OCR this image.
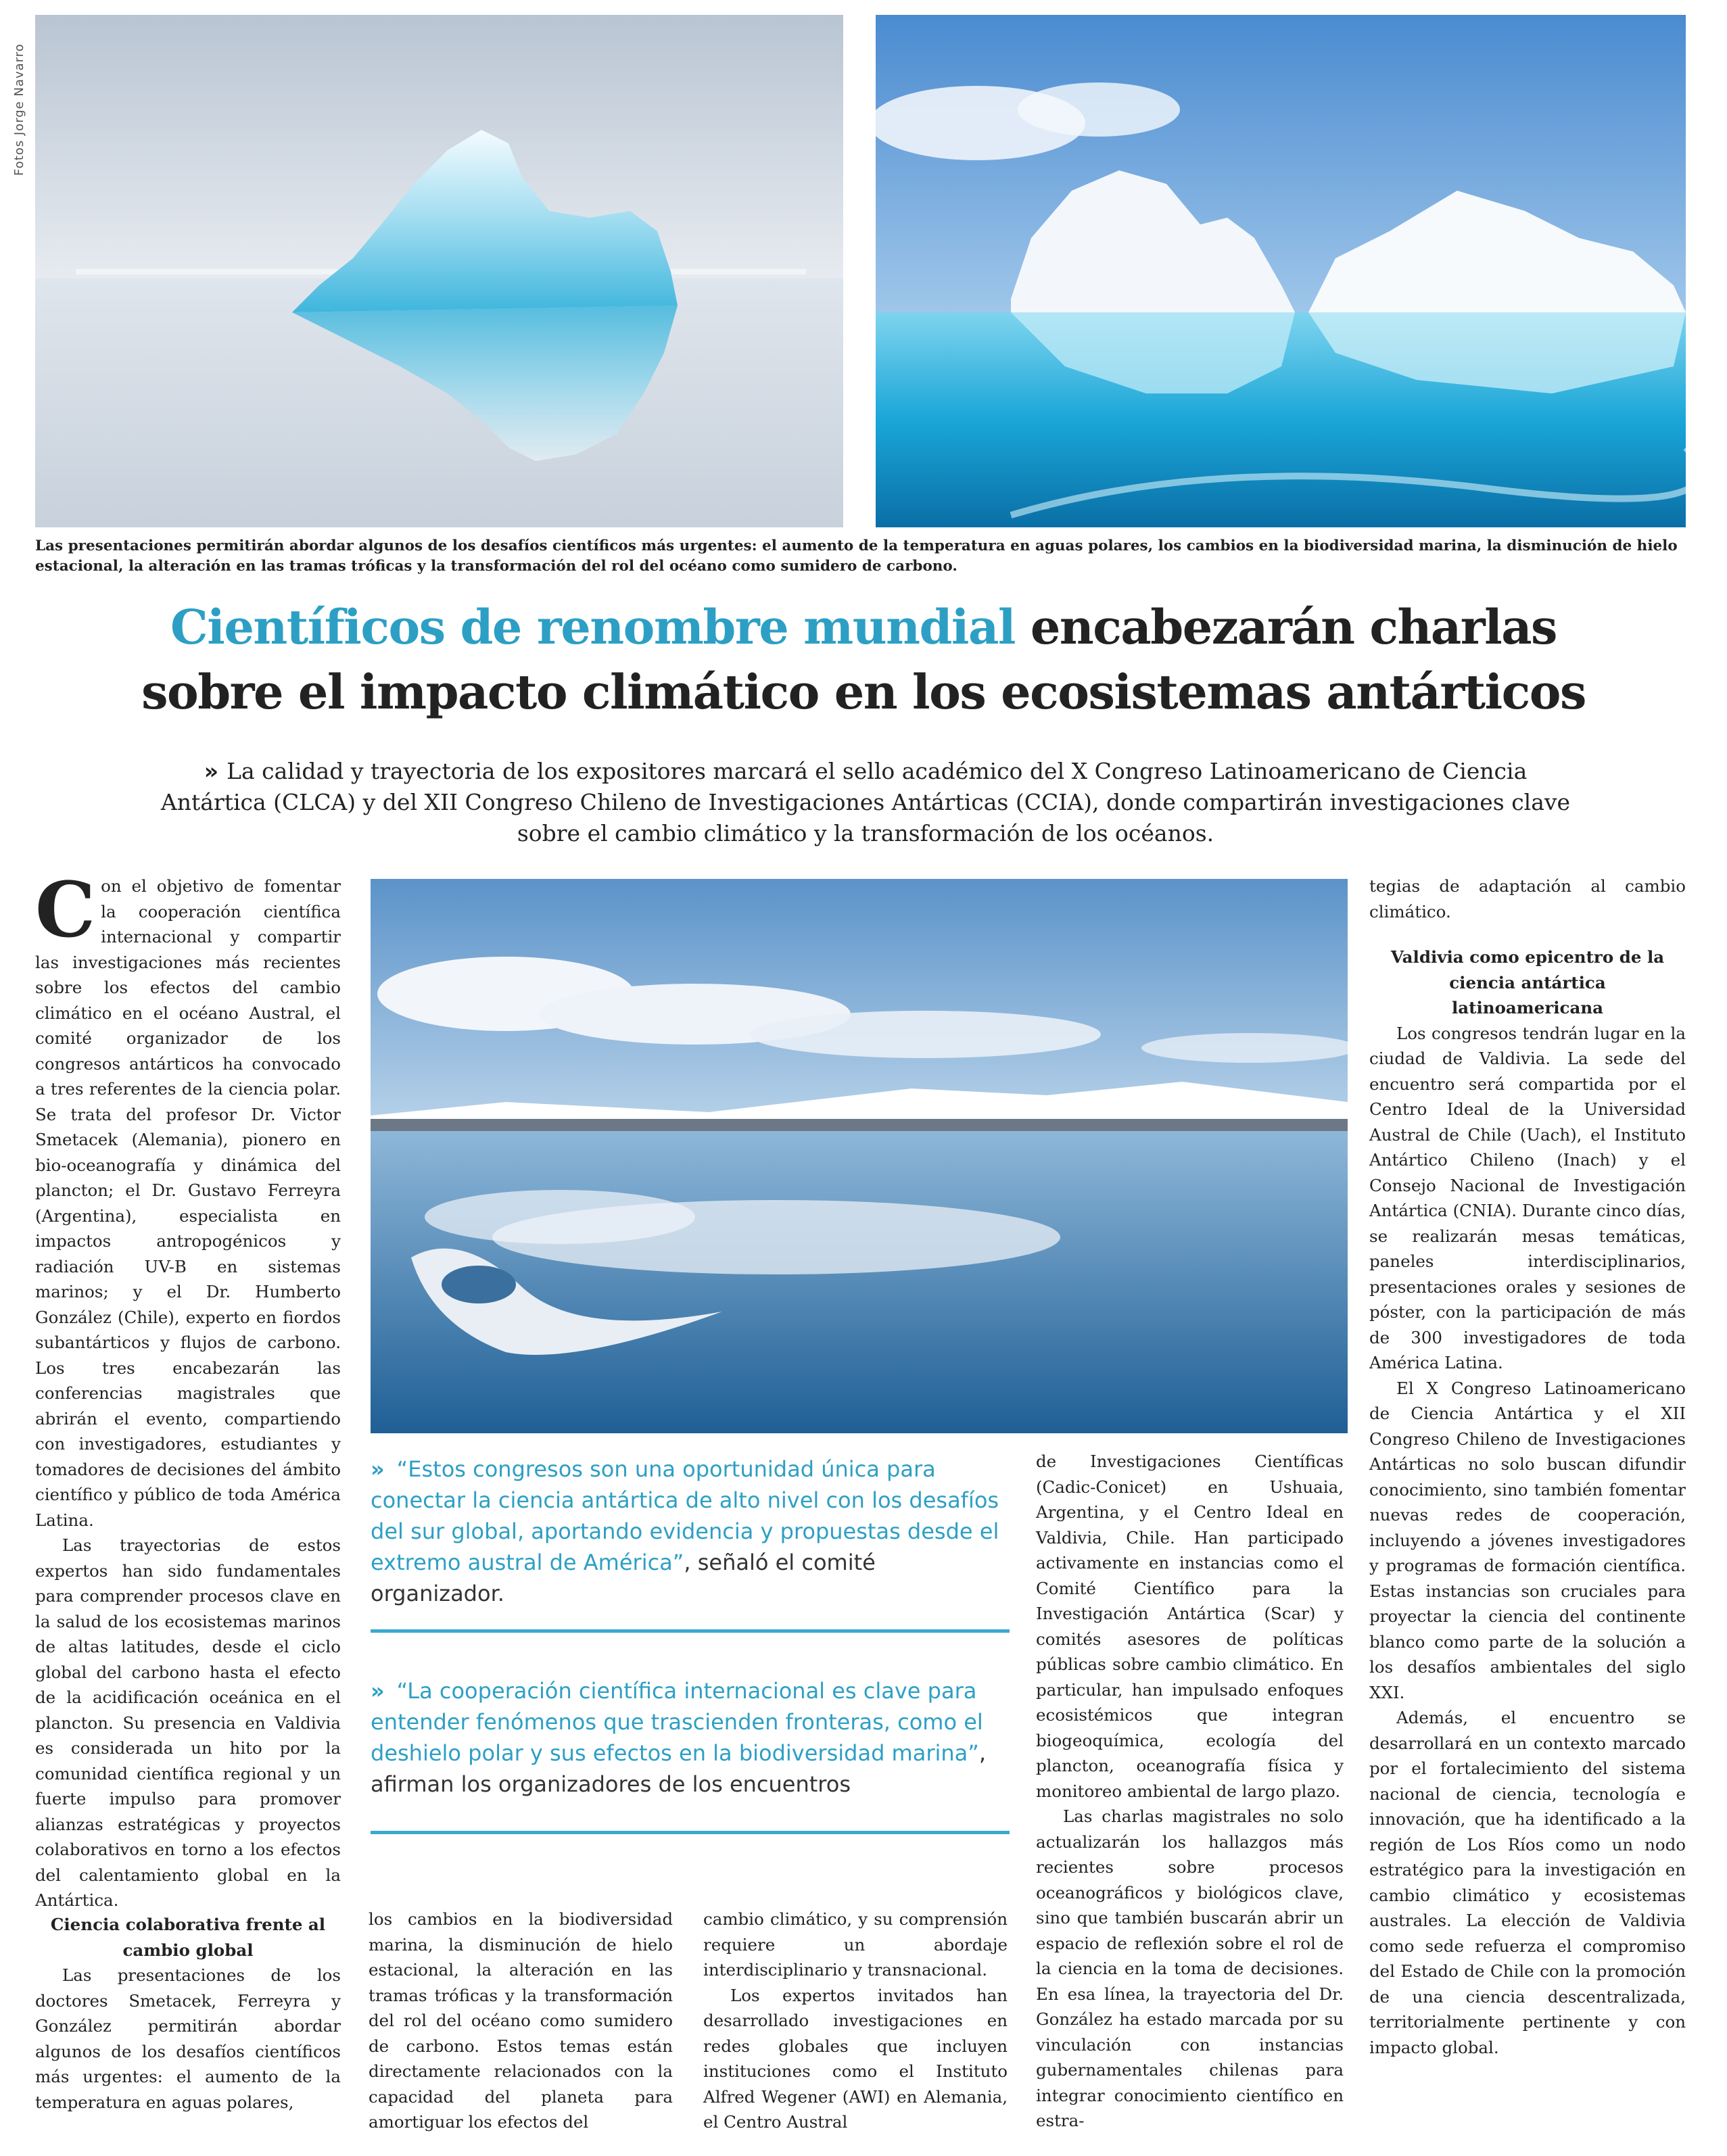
Fotos Jorge Navarro
Las presentaciones permitirán abordar algunos de los desafíos científicos más urgentes: el aumento de la temperatura en aguas polares, los cambios en la biodiversidad marina, la disminución de hielo estacional, la alteración en las tramas tróficas y la transformación del rol del océano como sumidero de carbono.
Científicos de renombre mundial encabezarán charlas
sobre el impacto climático en los ecosistemas antárticos
» La calidad y trayectoria de los expositores marcará el sello académico del X Congreso Latinoamericano de Ciencia Antártica (CLCA) y del XII Congreso Chileno de Investigaciones Antárticas (CCIA), donde compartirán investigaciones clave sobre el cambio climático y la transformación de los océanos.
C on el objetivo de fomentar la cooperación científica internacional y compartir las investigaciones más recientes sobre los efectos del cambio climático en el océano Austral, el comité organizador de los congresos antárticos ha convocado a tres referentes de la ciencia polar. Se trata del profesor Dr. Victor Smetacek (Alemania), pionero en bio-oceanografía y dinámica del plancton; el Dr. Gustavo Ferreyra (Argentina), especialista en impactos antropogénicos y radiación UV-B en sistemas marinos; y el Dr. Humberto González (Chile), experto en fiordos subantárticos y flujos de carbono. Los tres encabezarán las conferencias magistrales que abrirán el evento, compartiendo con investigadores, estudiantes y tomadores de decisiones del ámbito científico y público de toda América Latina.

Las trayectorias de estos expertos han sido fundamentales para comprender procesos clave en la salud de los ecosistemas marinos de altas latitudes, desde el ciclo global del carbono hasta el efecto de la acidificación oceánica en el plancton. Su presencia en Valdivia es considerada un hito por la comunidad científica regional y un fuerte impulso para promover alianzas estratégicas y proyectos colaborativos en torno a los efectos del calentamiento global en la Antártica.

Ciencia colaborativa frente al cambio global

Las presentaciones de los doctores Smetacek, Ferreyra y González permitirán abordar algunos de los desafíos científicos más urgentes: el aumento de la temperatura en aguas polares,

» “Estos congresos son una oportunidad única para conectar la ciencia antártica de alto nivel con los desafíos del sur global, aportando evidencia y propuestas desde el extremo austral de América”, señaló el comité organizador.
» “La cooperación científica internacional es clave para entender fenómenos que trascienden fronteras, como el deshielo polar y sus efectos en la biodiversidad marina”, afirman los organizadores de los encuentros

los cambios en la biodiversidad marina, la disminución de hielo estacional, la alteración en las tramas tróficas y la transformación del rol del océano como sumidero de carbono. Estos temas están directamente relacionados con la capacidad del planeta para amortiguar los efectos del

cambio climático, y su comprensión requiere un abordaje interdisciplinario y transnacional.

Los expertos invitados han desarrollado investigaciones en redes globales que incluyen instituciones como el Instituto Alfred Wegener (AWI) en Alemania, el Centro Austral

de Investigaciones Científicas (Cadic-Conicet) en Ushuaia, Argentina, y el Centro Ideal en Valdivia, Chile. Han participado activamente en instancias como el Comité Científico para la Investigación Antártica (Scar) y comités asesores de políticas públicas sobre cambio climático. En particular, han impulsado enfoques ecosistémicos que integran biogeoquímica, ecología del plancton, oceanografía física y monitoreo ambiental de largo plazo.

Las charlas magistrales no solo actualizarán los hallazgos más recientes sobre procesos oceanográficos y biológicos clave, sino que también buscarán abrir un espacio de reflexión sobre el rol de la ciencia en la toma de decisiones. En esa línea, la trayectoria del Dr. González ha estado marcada por su vinculación con instancias gubernamentales chilenas para integrar conocimiento científico en estra-

tegias de adaptación al cambio climático.

Valdivia como epicentro de la ciencia antártica latinoamericana

Los congresos tendrán lugar en la ciudad de Valdivia. La sede del encuentro será compartida por el Centro Ideal de la Universidad Austral de Chile (Uach), el Instituto Antártico Chileno (Inach) y el Consejo Nacional de Investigación Antártica (CNIA). Durante cinco días, se realizarán mesas temáticas, paneles interdisciplinarios, presentaciones orales y sesiones de póster, con la participación de más de 300 investigadores de toda América Latina.

El X Congreso Latinoamericano de Ciencia Antártica y el XII Congreso Chileno de Investigaciones Antárticas no solo buscan difundir conocimiento, sino también fomentar nuevas redes de cooperación, incluyendo a jóvenes investigadores y programas de formación científica. Estas instancias son cruciales para proyectar la ciencia del continente blanco como parte de la solución a los desafíos ambientales del siglo XXI.

Además, el encuentro se desarrollará en un contexto marcado por el fortalecimiento del sistema nacional de ciencia, tecnología e innovación, que ha identificado a la región de Los Ríos como un nodo estratégico para la investigación en cambio climático y ecosistemas australes. La elección de Valdivia como sede refuerza el compromiso del Estado de Chile con la promoción de una ciencia descentralizada, territorialmente pertinente y con impacto global.
